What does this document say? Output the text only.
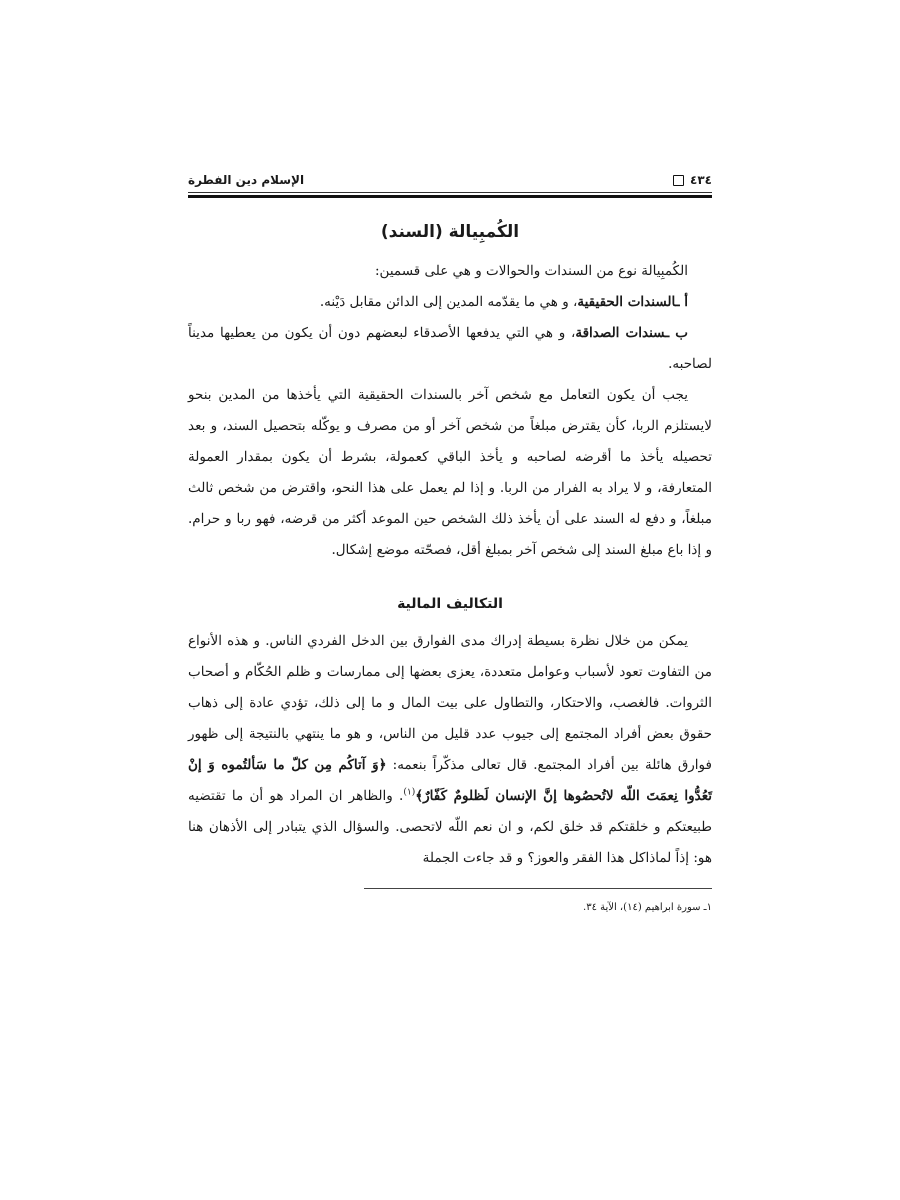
٤٣٤
الإسلام دين الفطرة
الكُمبِيالة (السند)

الكُمبِيالة نوع من السندات والحوالات و هي على قسمين:

أ ـالسندات الحقيقية، و هي ما يقدّمه المدين إلى الدائن مقابل دَيْنه.

ب ـسندات الصداقة، و هي التي يدفعها الأصدقاء لبعضهم دون أن يكون من يعطيها مديناً لصاحبه.

يجب أن يكون التعامل مع شخص آخر بالسندات الحقيقية التي يأخذها من المدين بنحو لايستلزم الربا، كأن يقترض مبلغاً من شخص آخر أو من مصرف و يوكّله بتحصيل السند، و بعد تحصيله يأخذ ما أقرضه لصاحبه و يأخذ الباقي كعمولة، بشرط أن يكون بمقدار العمولة المتعارفة، و لا يراد به الفرار من الربا. و إذا لم يعمل على هذا النحو، واقترض من شخص ثالث مبلغاً، و دفع له السند على أن يأخذ ذلك الشخص حين الموعد أكثر من قرضه، فهو ربا و حرام. و إذا باع مبلغ السند إلى شخص آخر بمبلغ أقل، فصحّته موضع إشكال.

التكاليف المالية

يمكن من خلال نظرة بسيطة إدراك مدى الفوارق بين الدخل الفردي الناس. و هذه الأنواع من التفاوت تعود لأسباب وعوامل متعددة، يعزى بعضها إلى ممارسات و ظلم الحُكّام و أصحاب الثروات. فالغصب، والاحتكار، والتطاول على بيت المال و ما إلى ذلك، تؤدي عادة إلى ذهاب حقوق بعض أفراد المجتمع إلى جيوب عدد قليل من الناس، و هو ما ينتهي بالنتيجة إلى ظهور فوارق هائلة بين أفراد المجتمع. قال تعالى مذكّراً بنعمه: ﴿وَ آتاكُم مِن كلّ ما سَألتُموه وَ إنْ تَعُدُّوا نِعمَتَ اللّه لاتُحصُوها إنَّ الإنسان لَظلومٌ كَفّارٌ﴾$^{(١)}$. والظاهر ان المراد هو أن ما تقتضيه طبيعتكم و خلقتكم قد خلق لكم، و ان نعم اللّه لاتحصى. والسؤال الذي يتبادر إلى الأذهان هنا هو: إذاً لماذاكل هذا الفقر والعوز؟ و قد جاءت الجملة

١ـ سورة ابراهيم (١٤)، الآية ٣٤.
